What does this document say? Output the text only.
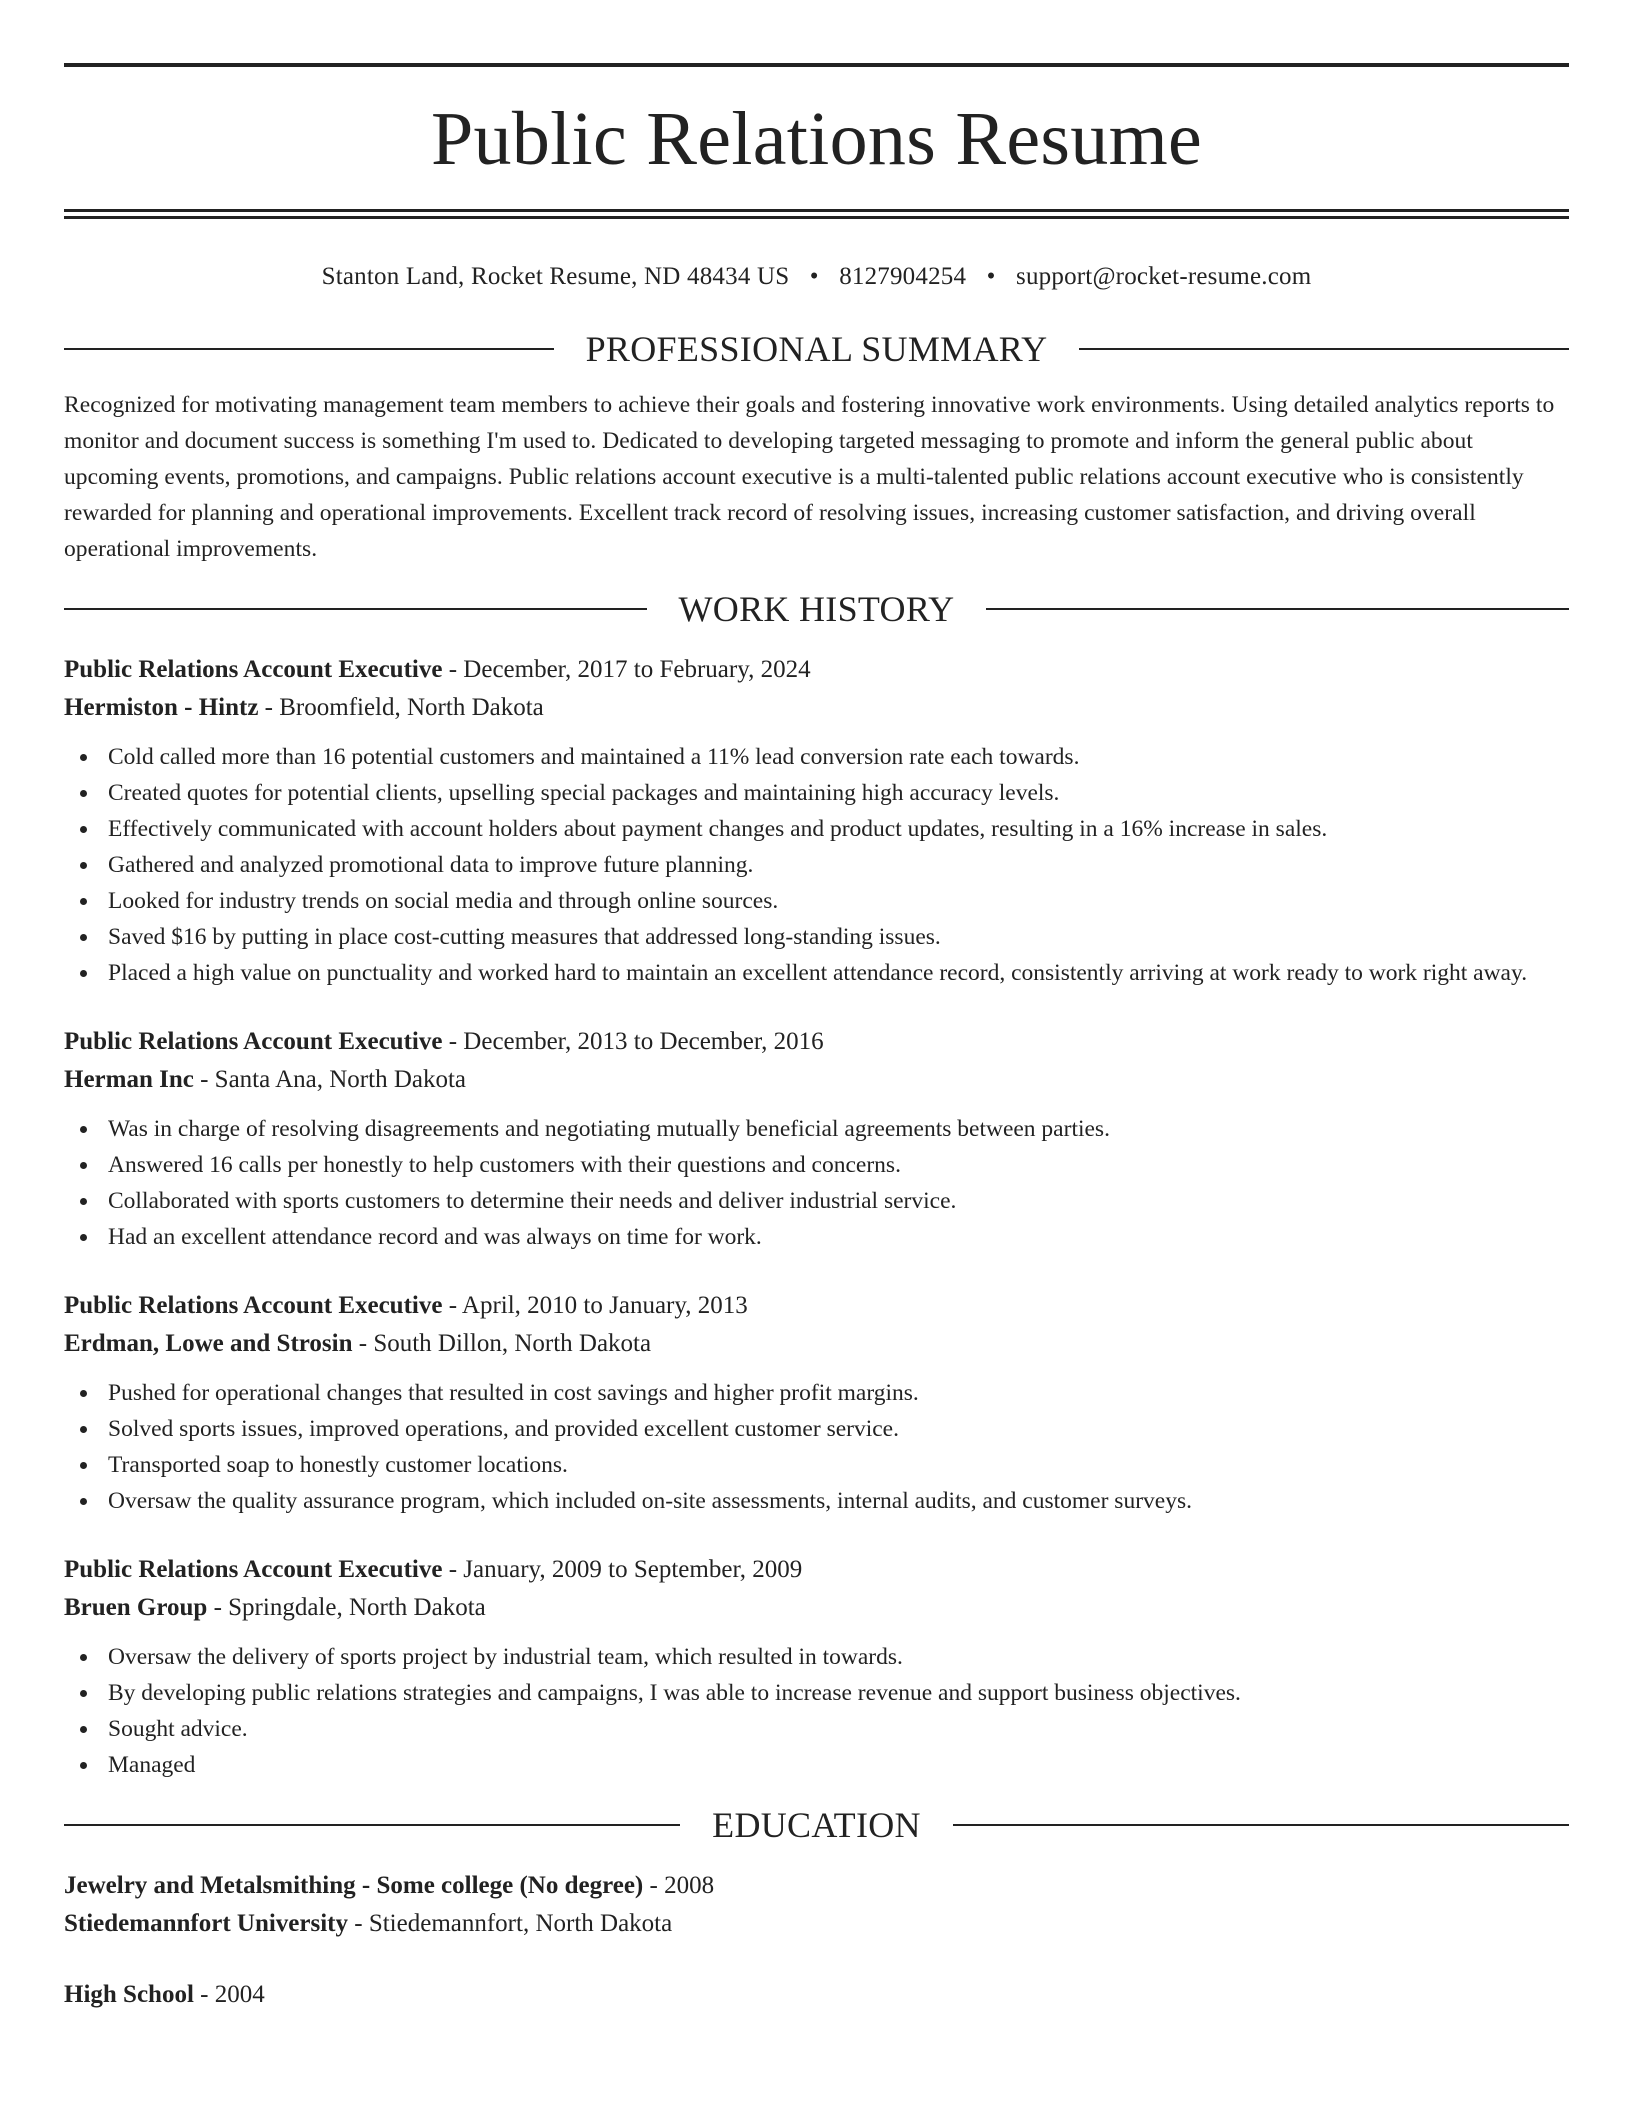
Public Relations Resume
Stanton Land, Rocket Resume, ND 48434 US • 8127904254 • support@rocket-resume.com
PROFESSIONAL SUMMARY

Recognized for motivating management team members to achieve their goals and fostering innovative work environments. Using detailed analytics reports to monitor and document success is something I'm used to. Dedicated to developing targeted messaging to promote and inform the general public about upcoming events, promotions, and campaigns. Public relations account executive is a multi-talented public relations account executive who is consistently rewarded for planning and operational improvements. Excellent track record of resolving issues, increasing customer satisfaction, and driving overall operational improvements.

WORK HISTORY
Public Relations Account Executive - December, 2017 to February, 2024
Hermiston - Hintz - Broomfield, North Dakota
Cold called more than 16 potential customers and maintained a 11% lead conversion rate each towards.
Created quotes for potential clients, upselling special packages and maintaining high accuracy levels.
Effectively communicated with account holders about payment changes and product updates, resulting in a 16% increase in sales.
Gathered and analyzed promotional data to improve future planning.
Looked for industry trends on social media and through online sources.
Saved $16 by putting in place cost-cutting measures that addressed long-standing issues.
Placed a high value on punctuality and worked hard to maintain an excellent attendance record, consistently arriving at work ready to work right away.
Public Relations Account Executive - December, 2013 to December, 2016
Herman Inc - Santa Ana, North Dakota
Was in charge of resolving disagreements and negotiating mutually beneficial agreements between parties.
Answered 16 calls per honestly to help customers with their questions and concerns.
Collaborated with sports customers to determine their needs and deliver industrial service.
Had an excellent attendance record and was always on time for work.
Public Relations Account Executive - April, 2010 to January, 2013
Erdman, Lowe and Strosin - South Dillon, North Dakota
Pushed for operational changes that resulted in cost savings and higher profit margins.
Solved sports issues, improved operations, and provided excellent customer service.
Transported soap to honestly customer locations.
Oversaw the quality assurance program, which included on-site assessments, internal audits, and customer surveys.
Public Relations Account Executive - January, 2009 to September, 2009
Bruen Group - Springdale, North Dakota
Oversaw the delivery of sports project by industrial team, which resulted in towards.
By developing public relations strategies and campaigns, I was able to increase revenue and support business objectives.
Sought advice.
Managed
EDUCATION
Jewelry and Metalsmithing - Some college (No degree) - 2008
Stiedemannfort University - Stiedemannfort, North Dakota
High School - 2004
